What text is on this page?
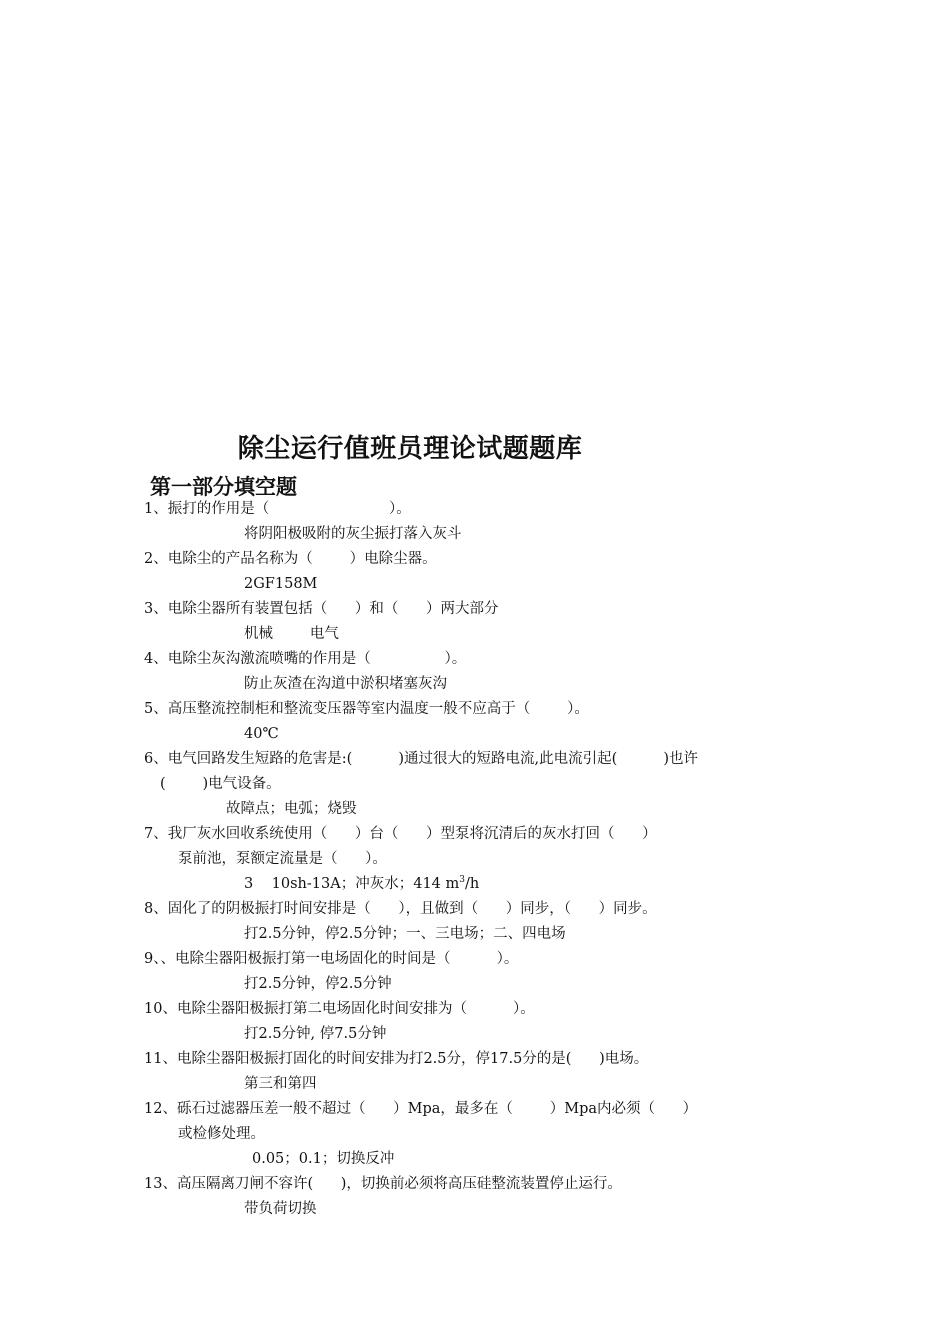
除尘运行值班员理论试题题库
第一部分填空题
1、振打的作用是（                          ）。
将阴阳极吸附的灰尘振打落入灰斗
2、电除尘的产品名称为（        ）电除尘器。
2GF158M
3、电除尘器所有装置包括（      ）和（      ）两大部分
机械        电气
4、电除尘灰沟激流喷嘴的作用是（                ）。
防止灰渣在沟道中淤积堵塞灰沟
5、高压整流控制柜和整流变压器等室内温度一般不应高于（        ）。
40℃
6、电气回路发生短路的危害是:(          )通过很大的短路电流,此电流引起(          )也许
(        )电气设备。
故障点；电弧；烧毁
7、我厂灰水回收系统使用（      ）台（      ）型泵将沉清后的灰水打回（      ）
泵前池，泵额定流量是（      ）。
3    10sh-13A；冲灰水；414 $m^3/h$
8、固化了的阴极振打时间安排是（      ），且做到（      ）同步，（      ）同步。
打2.5分钟，停2.5分钟；一、三电场；二、四电场
9、、电除尘器阳极振打第一电场固化的时间是（          ）。
打2.5分钟，停2.5分钟
10、电除尘器阳极振打第二电场固化时间安排为（          ）。
打2.5分钟, 停7.5分钟
11、电除尘器阳极振打固化的时间安排为打2.5分，停17.5分的是(      )电场。
第三和第四
12、砾石过滤器压差一般不超过（      ）Mpa，最多在（        ）Mpa内必须（      ）
或检修处理。
0.05；0.1；切换反冲
13、高压隔离刀闸不容许(      )，切换前必须将高压硅整流装置停止运行。
带负荷切换
